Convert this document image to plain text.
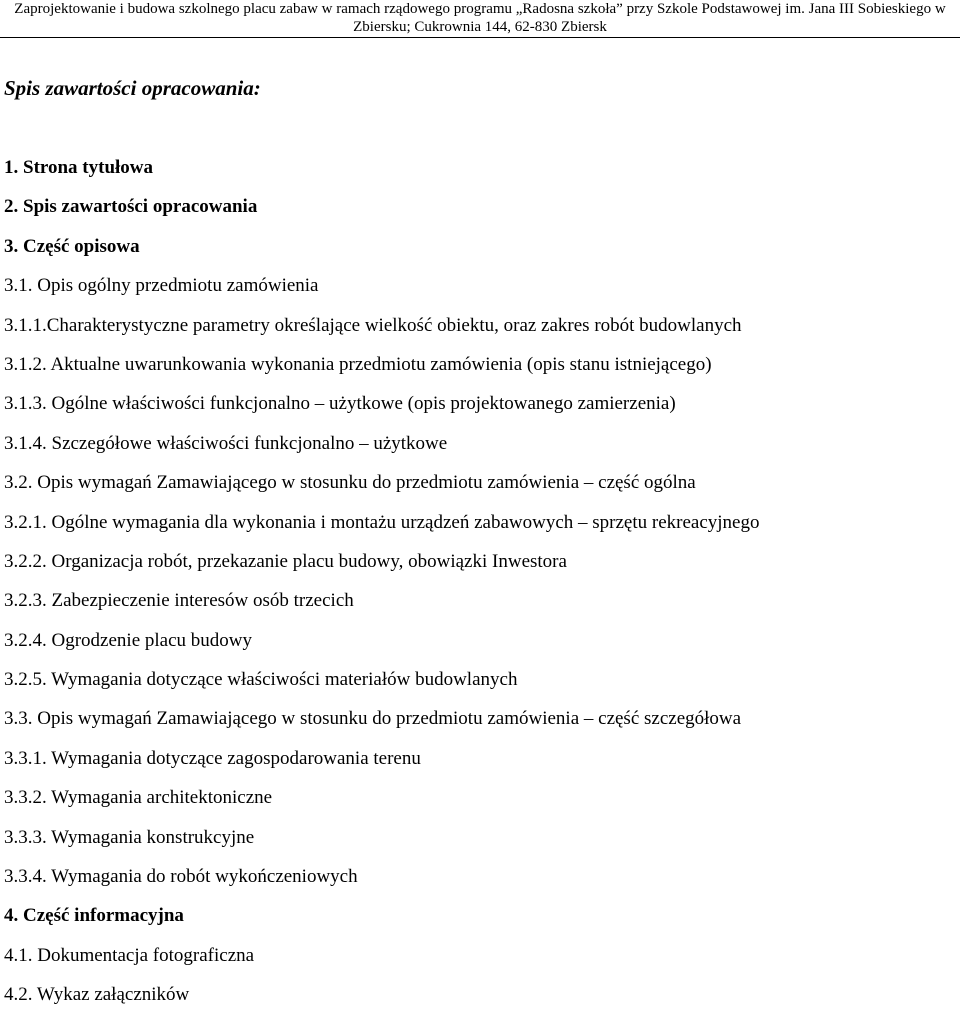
Zaprojektowanie i budowa szkolnego placu zabaw w ramach rządowego programu „Radosna szkoła” przy Szkole Podstawowej im. Jana III Sobieskiego w
Zbiersku; Cukrownia 144, 62-830 Zbiersk
Spis zawartości opracowania:
1. Strona tytułowa
2. Spis zawartości opracowania
3. Część opisowa
3.1. Opis ogólny przedmiotu zamówienia
3.1.1.Charakterystyczne parametry określające wielkość obiektu, oraz zakres robót budowlanych
3.1.2. Aktualne uwarunkowania wykonania przedmiotu zamówienia (opis stanu istniejącego)
3.1.3. Ogólne właściwości funkcjonalno – użytkowe (opis projektowanego zamierzenia)
3.1.4. Szczegółowe właściwości funkcjonalno – użytkowe
3.2. Opis wymagań Zamawiającego w stosunku do przedmiotu zamówienia – część ogólna
3.2.1. Ogólne wymagania dla wykonania i montażu urządzeń zabawowych – sprzętu rekreacyjnego
3.2.2. Organizacja robót, przekazanie placu budowy, obowiązki Inwestora
3.2.3. Zabezpieczenie interesów osób trzecich
3.2.4. Ogrodzenie placu budowy
3.2.5. Wymagania dotyczące właściwości materiałów budowlanych
3.3. Opis wymagań Zamawiającego w stosunku do przedmiotu zamówienia – część szczegółowa
3.3.1. Wymagania dotyczące zagospodarowania terenu
3.3.2. Wymagania architektoniczne
3.3.3. Wymagania konstrukcyjne
3.3.4. Wymagania do robót wykończeniowych
4. Część informacyjna
4.1. Dokumentacja fotograficzna
4.2. Wykaz załączników
